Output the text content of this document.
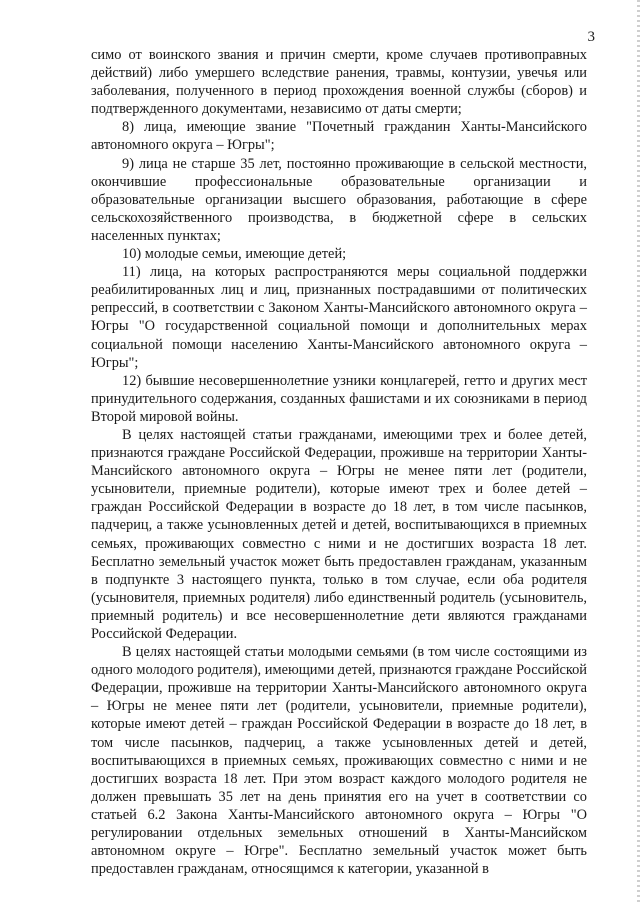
3

симо от воинского звания и причин смерти, кроме случаев противоправных действий) либо умершего вследствие ранения, травмы, контузии, увечья или заболевания, полученного в период прохождения военной службы (сборов) и подтвержденного документами, независимо от даты смерти;

8) лица, имеющие звание "Почетный гражданин Ханты-Мансийского автономного округа – Югры";

9) лица не старше 35 лет, постоянно проживающие в сельской местности, окончившие профессиональные образовательные организации и образовательные организации высшего образования, работающие в сфере сельскохозяйственного производства, в бюджетной сфере в сельских населенных пунктах;

10) молодые семьи, имеющие детей;

11) лица, на которых распространяются меры социальной поддержки реабилитированных лиц и лиц, признанных пострадавшими от политических репрессий, в соответствии с Законом Ханты-Мансийского автономного округа – Югры "О государственной социальной помощи и дополнительных мерах социальной помощи населению Ханты-Мансийского автономного округа – Югры";

12) бывшие несовершеннолетние узники концлагерей, гетто и других мест принудительного содержания, созданных фашистами и их союзниками в период Второй мировой войны.

В целях настоящей статьи гражданами, имеющими трех и более детей, признаются граждане Российской Федерации, проживше на территории Ханты-Мансийского автономного округа – Югры не менее пяти лет (родители, усыновители, приемные родители), которые имеют трех и более детей – граждан Российской Федерации в возрасте до 18 лет, в том числе пасынков, падчериц, а также усыновленных детей и детей, воспитывающихся в приемных семьях, проживающих совместно с ними и не достигших возраста 18 лет. Бесплатно земельный участок может быть предоставлен гражданам, указанным в подпункте 3 настоящего пункта, только в том случае, если оба родителя (усыновителя, приемных родителя) либо единственный родитель (усыновитель, приемный родитель) и все несовершеннолетние дети являются гражданами Российской Федерации.

В целях настоящей статьи молодыми семьями (в том числе состоящими из одного молодого родителя), имеющими детей, признаются граждане Российской Федерации, проживше на территории Ханты-Мансийского автономного округа – Югры не менее пяти лет (родители, усыновители, приемные родители), которые имеют детей – граждан Российской Федерации в возрасте до 18 лет, в том числе пасынков, падчериц, а также усыновленных детей и детей, воспитывающихся в приемных семьях, проживающих совместно с ними и не достигших возраста 18 лет. При этом возраст каждого молодого родителя не должен превышать 35 лет на день принятия его на учет в соответствии со статьей 6.2 Закона Ханты-Мансийского автономного округа – Югры "О регулировании отдельных земельных отношений в Ханты-Мансийском автономном округе – Югре". Бесплатно земельный участок может быть предоставлен гражданам, относящимся к категории, указанной в
